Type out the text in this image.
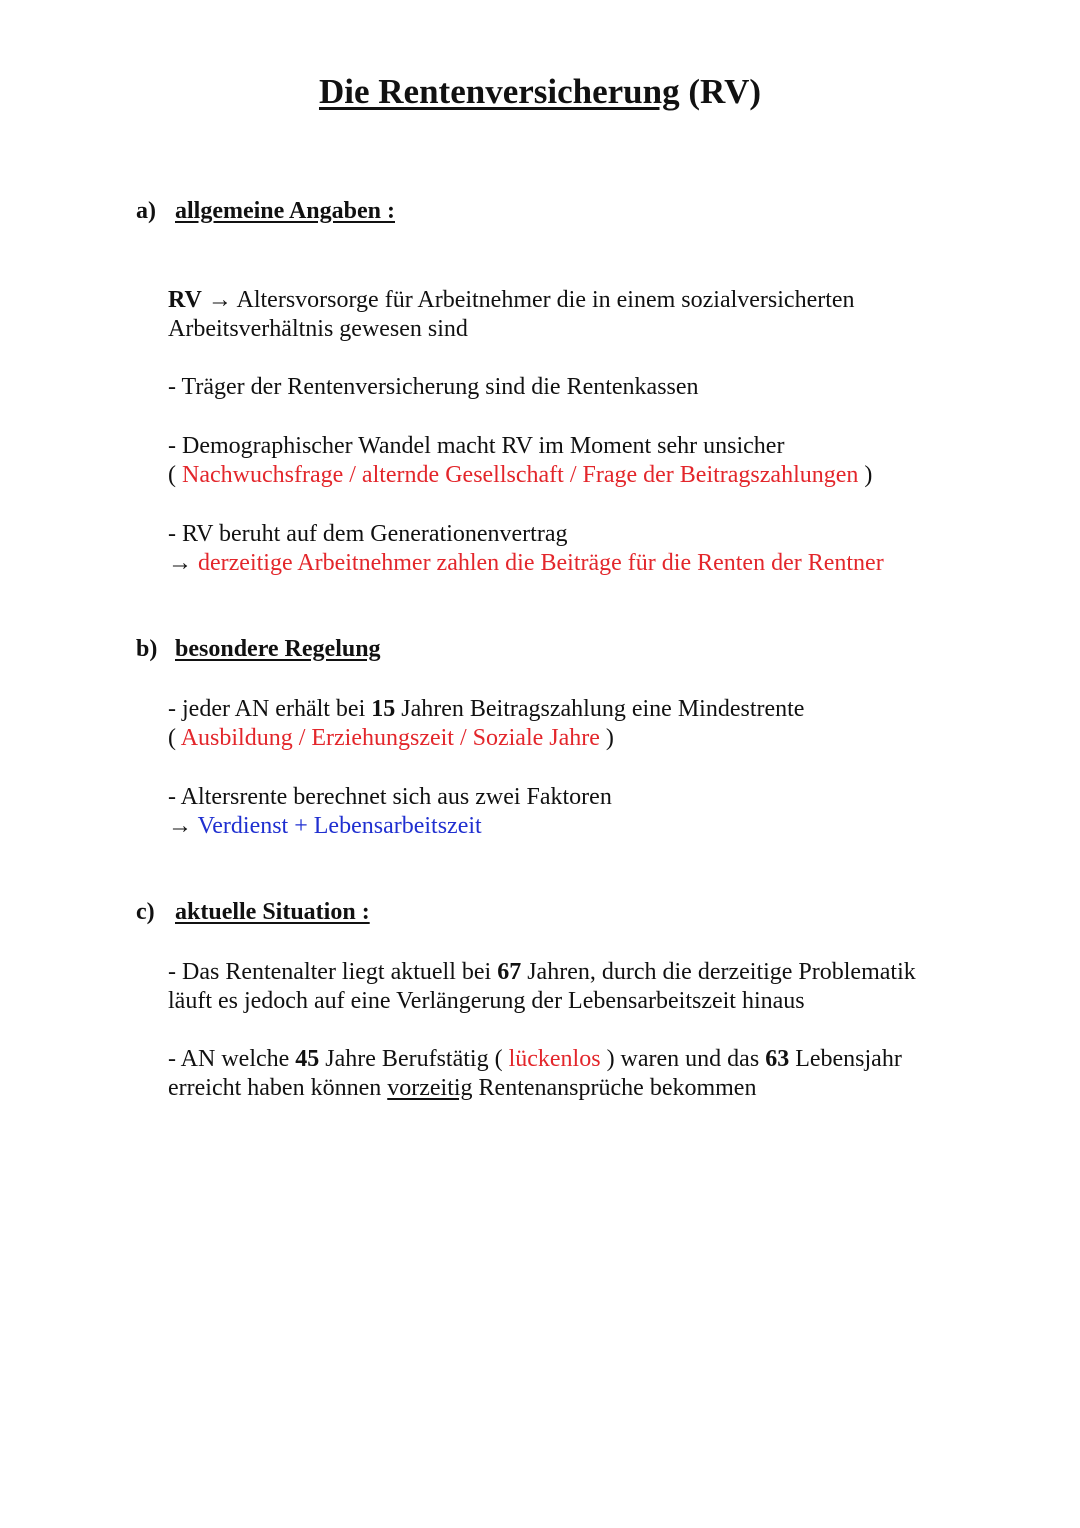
Die Rentenversicherung (RV)
a) allgemeine Angaben :
RV → Altersvorsorge für Arbeitnehmer die in einem sozialversicherten
Arbeitsverhältnis gewesen sind
- Träger der Rentenversicherung sind die Rentenkassen
- Demographischer Wandel macht RV im Moment sehr unsicher
( Nachwuchsfrage / alternde Gesellschaft / Frage der Beitragszahlungen )
- RV beruht auf dem Generationenvertrag
→ derzeitige Arbeitnehmer zahlen die Beiträge für die Renten der Rentner
b) besondere Regelung
- jeder AN erhält bei 15 Jahren Beitragszahlung eine Mindestrente
( Ausbildung / Erziehungszeit / Soziale Jahre )
- Altersrente berechnet sich aus zwei Faktoren
→ Verdienst + Lebensarbeitszeit
c) aktuelle Situation :
- Das Rentenalter liegt aktuell bei 67 Jahren, durch die derzeitige Problematik
läuft es jedoch auf eine Verlängerung der Lebensarbeitszeit hinaus
- AN welche 45 Jahre Berufstätig ( lückenlos ) waren und das 63 Lebensjahr
erreicht haben können vorzeitig Rentenansprüche bekommen
